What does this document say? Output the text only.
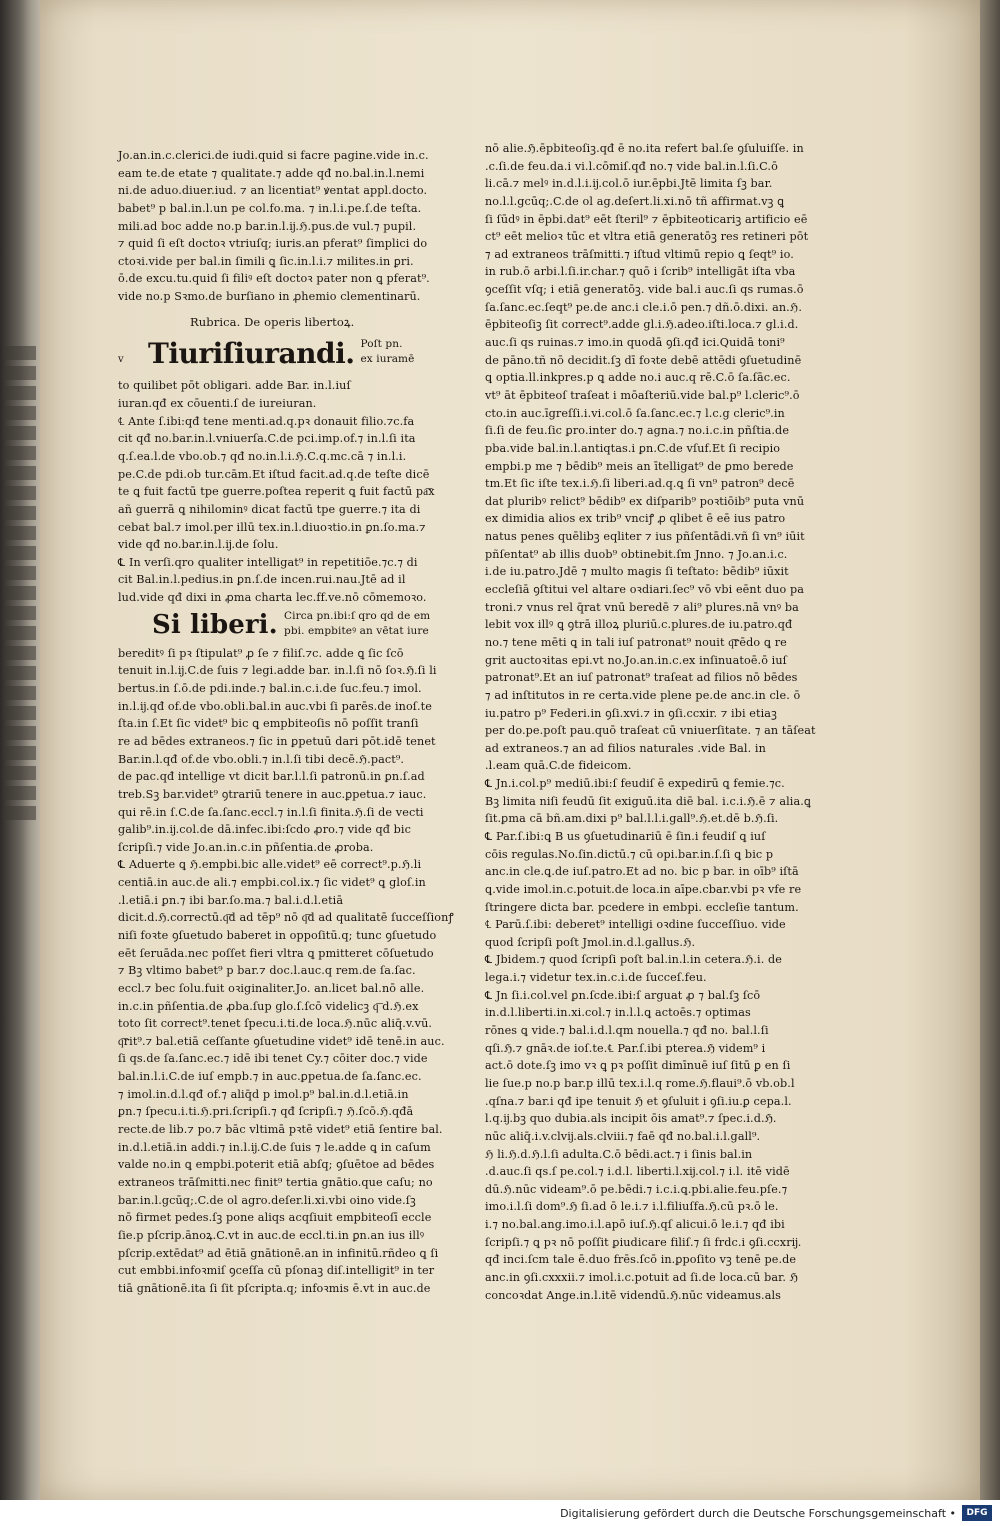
Jo.an.in.c.clerici.de iudi.quid si facre pagine.vide in.c.
eam te.de etate ⁊ qualitate.⁊ adde qđ no.bal.in.l.nemi
ni.de aduo.diuer.iud. ⁊ an licentiat⁹ ꝟentat appl.docto.
babet⁹ p bal.in.l.un pe col.fo.ma. ⁊ in.l.i.pe.ſ.de teſta.
mili.ad boc adde no.p bar.in.l.ĳ.ℌ.pus.de vul.⁊ pupil.
⁊ quid ſi eſt doctoꝛ vtriuſq; iuris.an pferat⁹ ſimplici do
ctoꝛi.vide per bal.in ſimili ꝗ ſic.in.l.i.⁊ milites.in ꝑri.
ō.de excu.tu.quid ſi filiꝰ eſt doctoꝛ pater non ꝗ pferat⁹.
vide no.p Sꝛmo.de burſiano in ꝓhemio clementinarū.
Rubrica. De operis libertoꝝ.
v Tiuriſiurandi. Poſt pn.
ex iuramē
to quilibet pōt obligari. adde Bar. in.l.iuſ
iuran.qđ ex cōuenti.ſ de iureiuran.
℄ Ante ſ.ibi:qđ tene menti.ad.q.pꝛ donauit filio.⁊c.fa
cit qđ no.bar.in.l.vniuerſa.C.de pci.imp.of.⁊ in.l.ſi ita
q.ſ.ea.l.de vbo.ob.⁊ qđ no.in.l.i.ℌ.C.q.mc.cā ⁊ in.l.i.
pe.C.de pdi.ob tur.cām.Et iſtud facit.ad.q.de teſte dicē
te ꝗ fuit factū tpe guerre.poſtea reperit ꝗ fuit factū pa͞x
añ guerrā ꝗ nihilominꝰ dicat factū tpe guerre.⁊ ita di
cebat bal.⁊ imol.per illū tex.in.l.diuoꝛtio.in ꝑn.ſo.ma.⁊
vide qđ no.bar.in.l.ĳ.de ſolu.
℄ In verſi.qro qualiter intelligat⁹ in repetitiōe.⁊c.⁊ di
cit Bal.in.l.pedius.in ꝑn.ſ.de incen.rui.nau.Jtē ad il
lud.vide qđ dixi in ꝓma charta lec.ff.ve.nō cōmemoꝛo.
Si liberi. Circa pn.ibi:ſ qro qd de em
pbi. empbiteꝰ an vētat iure
bereditꝰ ſi pꝛ ſtipulat⁹ ꝓ ſe ⁊ filiſ.⁊c. adde ꝗ ſic ſcō
tenuit in.l.ĳ.C.de ſuis ⁊ legi.adde bar. in.l.ſi nō ſoꝛ.ℌ.ſi li
bertus.in ſ.ō.de pdi.inde.⁊ bal.in.c.i.de ſuc.feu.⁊ imol.
in.l.ĳ.qđ of.de vbo.obli.bal.in auc.vbi ſi parēs.de inoſ.te
ſta.in ſ.Et ſic videt⁹ bic ꝗ empbiteoſis nō poſſit tranſi
re ad bēdes extraneos.⁊ ſic in ꝑpetuū dari pōt.idē tenet
Bar.in.l.qđ of.de vbo.obli.⁊ in.l.ſi tibi decē.ℌ.pact⁹.
de pac.qđ intellige vt dicit bar.l.l.ſi patronū.in ꝑn.ſ.ad
treb.Sꝫ bar.videt⁹ ꝯtrariū tenere in auc.ꝑpetua.⁊ iauc.
qui rē.in ſ.C.de ſa.ſanc.eccl.⁊ in.l.ſi finita.ℌ.ſi de vecti
galib⁹.in.ĳ.col.de dā.infec.ibi:ſcdo ꝓro.⁊ vide qđ bic
ſcripſi.⁊ vide Jo.an.in.c.in pñſentia.de ꝓroba.
℄ Aduerte ꝗ ℌ.empbi.bic alle.videt⁹ eē correct⁹.p.ℌ.li
centiā.in auc.de ali.⁊ empbi.col.ix.⁊ ſic videt⁹ ꝗ gloſ.in
.l.etiā.i ꝑn.⁊ ibi bar.ſo.ma.⁊ bal.i.d.l.etiā
dicit.d.ℌ.correctū.q͞d ad tēp⁹ nō q͞d ad qualitatē ſucceſſionꝭ
niſi foꝛte ꝯſuetudo baberet in oppoſitū.q; tunc ꝯſuetudo
eēt ſeruāda.nec poſſet fieri vltra ꝗ pmitteret cōſuetudo
⁊ Bꝫ vltimo babet⁹ p bar.⁊ doc.l.auc.q rem.de ſa.ſac.
eccl.⁊ bec ſolu.fuit oꝛiginaliter.Jo. an.licet bal.nō alle.
in.c.in pñſentia.de ꝓba.ſup glo.ſ.ſcō videlicꝫ q͞ d.ℌ.ex
toto ſit correct⁹.tenet ſpecu.i.ti.de loca.ℌ.nūc aliq̄.v.vū.
q͞rit⁹.⁊ bal.etiā ceſſante ꝯſuetudine videt⁹ idē tenē.in auc.
ſi qs.de ſa.ſanc.ec.⁊ idē ibi tenet Cy.⁊ cōiter doc.⁊ vide
bal.in.l.i.C.de iuſ empb.⁊ in auc.ꝑpetua.de ſa.ſanc.ec.
⁊ imol.in.d.l.qđ of.⁊ aliq̄d p imol.p⁹ bal.in.d.l.etiā.in
ꝑn.⁊ ſpecu.i.ti.ℌ.pri.ſcripſi.⁊ qđ ſcripſi.⁊ ℌ.ſcō.ℌ.qđā
recte.de lib.⁊ po.⁊ bāc vltimā pꝛtē videt⁹ etiā ſentire bal.
in.d.l.etiā.in addi.⁊ in.l.ĳ.C.de ſuis ⁊ le.adde ꝗ in caſum
valde no.in ꝗ empbi.poterit etiā abſq; ꝯſuētoe ad bēdes
extraneos trāſmitti.nec finit⁹ tertia gnātio.que caſu; no
bar.in.l.gcūq;.C.de ol agro.deſer.li.xi.vbi oino vide.ſꝫ
nō firmet pedes.ſꝫ pone aliqs acqſiuit empbiteoſī eccle
ſie.p pſcrip.ānoꝝ.C.vt in auc.de eccl.ti.in ꝑn.an ius illꝰ
pſcrip.extēdat⁹ ad ētiā gnātionē.an in infinitū.rñdeo ꝗ ſi
cut embbi.infoꝛmiſ ꝯceſſa cū pſonaꝫ diſ.intelligit⁹ in ter
tiā gnātionē.ita ſi ſit pſcripta.q; infoꝛmis ē.vt in auc.de
nō alie.ℌ.ēpbiteoſiꝫ.qđ ē no.ita refert bal.ſe ꝯſuluiſſe. in
.c.ſi.de feu.da.i vi.l.cōmiſ.qđ no.⁊ vide bal.in.l.ſi.C.ō
li.cā.⁊ melꝰ in.d.l.i.ĳ.col.ō iur.ēpbi.Jtē limita ſꝫ bar.
no.l.l.gcūq;.C.de ol ag.deſert.li.xi.nō tñ affirmat.vꝫ ꝗ
ſi ſūdꝰ in ēpbi.dat⁹ eēt ſteril⁹ ⁊ ēpbiteoticariꝫ artificio eē
ct⁹ eēt melioꝛ tūc et vltra etiā generatōꝫ res retineri pōt
⁊ ad extraneos trāſmitti.⁊ iſtud vltimū repio ꝗ ſeqt⁹ io.
in rub.ō arbi.l.ſi.ir.char.⁊ quō i ſcrib⁹ intelligāt iſta vba
ꝯceſſit vſq; i etiā generatōꝫ. vide bal.i auc.ſi qs rumas.ō
ſa.ſanc.ec.ſeqt⁹ pe.de anc.i cle.i.ō pen.⁊ dñ.ō.dixi. an.ℌ.
ēpbiteoſiꝫ ſit correct⁹.adde gl.i.ℌ.adeo.iſti.loca.⁊ gl.i.d.
auc.ſi qs ruinas.⁊ imo.in quodā ꝯſi.qđ ici.Quidā toni⁹
de pāno.tñ nō decidit.ſꝫ dī foꝛte debē attēdi ꝯſuetudinē
ꝗ optia.ll.inkpres.p ꝗ adde no.i auc.q rē.C.ō ſa.ſāc.ec.
vt⁹ āt ēpbiteoſ traſeat i mōaſteriū.vide bal.p⁹ l.cleric⁹.ō
cto.in auc.īgreſſi.i.vi.col.ō ſa.ſanc.ec.⁊ l.c.g cleric⁹.in
ſi.ſi de feu.ſic ꝑro.inter do.⁊ agna.⁊ no.i.c.in pñſtia.de
pba.vide bal.in.l.antiqtas.i ꝑn.C.de vſuf.Et ſi recipio
empbi.p me ⁊ bēdib⁹ meis an ītelligat⁹ de ꝑmo berede
tm.Et ſic iſte tex.i.ℌ.ſi liberi.ad.q.ꝗ ſi vn⁹ patron⁹ decē
dat pluribꝰ relict⁹ bēdib⁹ ex diſparib⁹ poꝛtiōib⁹ puta vnū
ex dimidia alios ex trib⁹ vnciꝭ ꝓ qlibet ē eē ius patro
natus penes quēlibꝫ eqliter ⁊ ius pñſentādi.vñ ſi vn⁹ iūit
pñſentat⁹ ab illis duob⁹ obtinebit.ſm Jnno. ⁊ Jo.an.i.c.
i.de iu.patro.Jdē ⁊ multo magis ſi teſtato: bēdib⁹ iūxit
eccleſiā ꝯſtitui vel altare oꝛdiari.ſec⁹ vō vbi eēnt duo pa
troni.⁊ vnus rel q̄rat vnū beredē ⁊ ali⁹ plures.nā vnꝰ ba
lebit vox illꝰ ꝗ ꝯtrā illoꝝ pluriū.c.plures.de iu.patro.qđ
no.⁊ tene mēti ꝗ in tali iuſ patronat⁹ nouit q͞rēdo ꝗ re
grit auctoꝛitas epi.vt no.Jo.an.in.c.ex inſinuatoē.ō iuſ
patronat⁹.Et an iuſ patronat⁹ traſeat ad filios nō bēdes
⁊ ad inſtitutos in re certa.vide plene pe.de anc.in cle. ō
iu.patro p⁹ Federi.in ꝯſi.xvi.⁊ in ꝯſi.ccxir. ⁊ ibi etiaꝫ
per do.pe.poſt pau.quō traſeat cū vniuerſitate. ⁊ an tāſeat
ad extraneos.⁊ an ad filios naturales .vide Bal. in
.l.eam quā.C.de fideicom.
℄ Jn.i.col.p⁹ mediū.ibi:ſ feudiſ ē expedirū ꝗ femie.⁊c.
Bꝫ limita niſi feudū ſit exiguū.ita diē bal. i.c.i.ℌ.ē ⁊ alia.ꝗ
ſit.ꝑma cā bñ.am.dixi p⁹ bal.l.l.i.gall⁹.ℌ.et.dē b.ℌ.ſi.
℄ Par.ſ.ibi:ꝗ B us ꝯſuetudinariū ē ſin.i feudiſ ꝗ iuſ
cōis regulas.No.ſin.dictū.⁊ cū opi.bar.in.ſ.ſi ꝗ bic p
anc.in cle.ꝗ.de iuſ.patro.Et ad no. bic p bar. in oīb⁹ iſtā
ꝗ.vide imol.in.c.potuit.de loca.in aīpe.cbar.vbi pꝛ vfe re
ſtringere dicta bar. pcedere in embpi. eccleſie tantum.
℄ Parū.ſ.ibi: deberet⁹ intelligi oꝛdine ſucceſſiuo. vide
quod ſcripſi poſt Jmol.in.d.l.gallus.ℌ.
℄ Jbidem.⁊ quod ſcripſi poſt bal.in.l.in cetera.ℌ.i. de
lega.i.⁊ videtur tex.in.c.i.de ſucceſ.feu.
℄ Jn ſi.i.col.vel ꝑn.ſcde.ibi:ſ arguat ꝓ ⁊ bal.ſꝫ ſcō
in.d.l.liberti.in.xi.col.⁊ in.l.l.ꝗ actoēs.⁊ optimas
rōnes ꝗ vide.⁊ bal.i.d.l.qm nouella.⁊ qđ no. bal.l.ſi
qſi.ℌ.⁊ gnāꝛ.de ioſ.te.℄ Par.ſ.ibi pterea.ℌ videm⁹ i
act.ō dote.ſꝫ imo vꝛ ꝗ pꝛ poſſit dimīnuē iuſ ſitū ꝑ en ſi
lie ſue.p no.p bar.p illū tex.i.l.q rome.ℌ.flaui⁹.ō vb.ob.l
.qſna.⁊ bar.i qđ ipe tenuit ℌ et ꝯſuluit i ꝯſi.iu.ꝑ cepa.l.
l.q.ĳ.bꝫ quo dubia.als incipit ōis amat⁹.⁊ ſpec.i.d.ℌ.
nūc aliq̄.i.v.clvĳ.als.clviii.⁊ faē qđ no.bal.i.l.gall⁹.
ℌ li.ℌ.d.ℌ.l.ſi adulta.C.ō bēdi.act.⁊ i ſinis bal.in
.d.auc.ſi qs.ſ pe.col.⁊ i.d.l. liberti.l.xĳ.col.⁊ i.l. itē vidē
dū.ℌ.nūc videam⁹.ō pe.bēdi.⁊ i.c.i.ꝗ.pbi.alie.feu.pſe.⁊
imo.i.l.ſi dom⁹.ℌ ſi.ad ō le.i.⁊ i.l.filiuſfa.ℌ.cū pꝛ.ō le.
i.⁊ no.bal.ang.imo.i.l.apō iuſ.ℌ.qſ alicui.ō le.i.⁊ qđ ibi
ſcripſi.⁊ ꝗ pꝛ nō poſſit ꝑiudicare filiſ.⁊ ſi frdc.i ꝯſi.ccxrĳ.
qđ inci.ſcm tale ē.duo frēs.ſcō in.ꝑpoſito vꝫ tenē pe.de
anc.in ꝯſi.cxxxii.⁊ imol.i.c.potuit ad ſi.de loca.cū bar. ℌ
concoꝛdat Ange.in.l.itē videndū.ℌ.nūc videamus.als
Digitalisierung gefördert durch die Deutsche Forschungsgemeinschaft •	DFG
